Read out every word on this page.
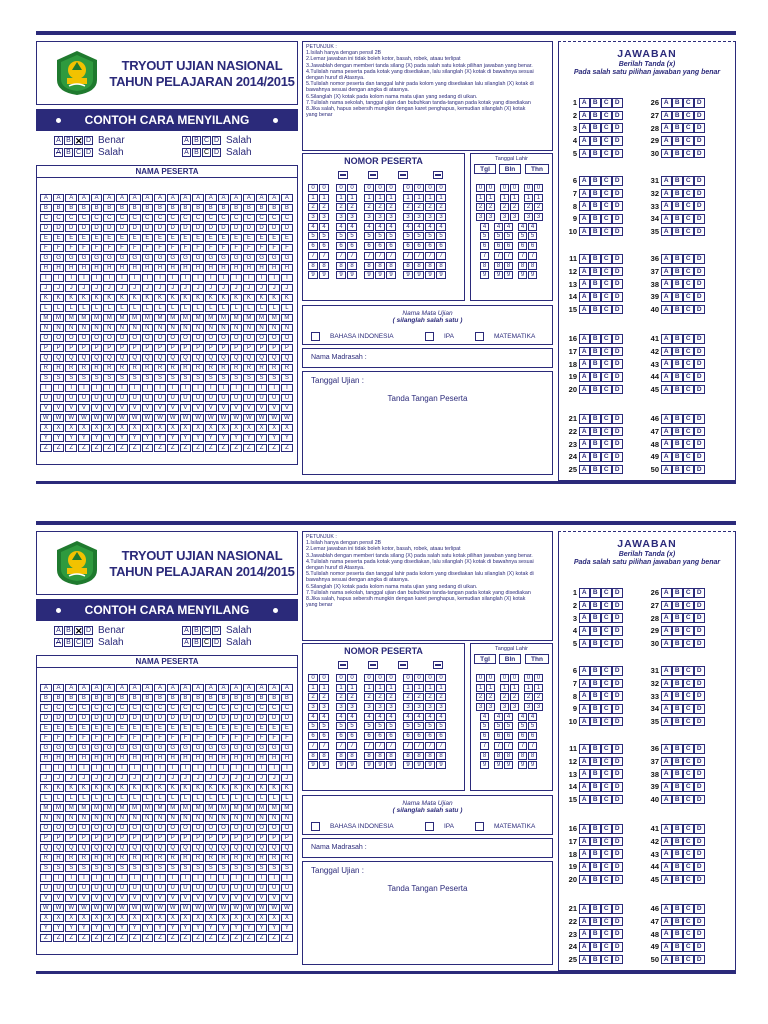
TRYOUT UJIAN NASIONAL
TAHUN PELAJARAN 2014/2015
CONTOH CARA MENYILANG
A B ✕ D Benar
A B C D Salah
A B C D Salah
A B C D Salah
NAMA PESERTA
A	A	A	A	A	A	A	A	A	A	A	A	A	A	A	A	A	A	A	A
B	B	B	B	B	B	B	B	B	B	B	B	B	B	B	B	B	B	B	B
C	C	C	C	C	C	C	C	C	C	C	C	C	C	C	C	C	C	C	C
D	D	D	D	D	D	D	D	D	D	D	D	D	D	D	D	D	D	D	D
E	E	E	E	E	E	E	E	E	E	E	E	E	E	E	E	E	E	E	E
F	F	F	F	F	F	F	F	F	F	F	F	F	F	F	F	F	F	F	F
G	G	G	G	G	G	G	G	G	G	G	G	G	G	G	G	G	G	G	G
H	H	H	H	H	H	H	H	H	H	H	H	H	H	H	H	H	H	H	H
I	I	I	I	I	I	I	I	I	I	I	I	I	I	I	I	I	I	I	I
J	J	J	J	J	J	J	J	J	J	J	J	J	J	J	J	J	J	J	J
K	K	K	K	K	K	K	K	K	K	K	K	K	K	K	K	K	K	K	K
L	L	L	L	L	L	L	L	L	L	L	L	L	L	L	L	L	L	L	L
M	M	M	M	M	M	M	M	M	M	M	M	M	M	M	M	M	M	M	M
N	N	N	N	N	N	N	N	N	N	N	N	N	N	N	N	N	N	N	N
O	O	O	O	O	O	O	O	O	O	O	O	O	O	O	O	O	O	O	O
P	P	P	P	P	P	P	P	P	P	P	P	P	P	P	P	P	P	P	P
Q	Q	Q	Q	Q	Q	Q	Q	Q	Q	Q	Q	Q	Q	Q	Q	Q	Q	Q	Q
R	R	R	R	R	R	R	R	R	R	R	R	R	R	R	R	R	R	R	R
S	S	S	S	S	S	S	S	S	S	S	S	S	S	S	S	S	S	S	S
T	T	T	T	T	T	T	T	T	T	T	T	T	T	T	T	T	T	T	T
U	U	U	U	U	U	U	U	U	U	U	U	U	U	U	U	U	U	U	U
V	V	V	V	V	V	V	V	V	V	V	V	V	V	V	V	V	V	V	V
W	W	W	W	W	W	W	W	W	W	W	W	W	W	W	W	W	W	W	W
X	X	X	X	X	X	X	X	X	X	X	X	X	X	X	X	X	X	X	X
Y	Y	Y	Y	Y	Y	Y	Y	Y	Y	Y	Y	Y	Y	Y	Y	Y	Y	Y	Y
Z	Z	Z	Z	Z	Z	Z	Z	Z	Z	Z	Z	Z	Z	Z	Z	Z	Z	Z	Z

PETUNJUK :

1.Isilah hanya dengan pensil 2B

2.Lemar jawaban ini tidak boleh kotor, basah, robek, ataau terlipat

3.Jawablah dengan memberi tanda silang (X) pada salah satu kotak pilihan jawaban yang benar.

4.Tulislah nama peserta pada kotak yang disediakan, lalu silanglah (X) kotak di bawahnya sesuai

dengan huruf di Atasnya.

5.Tulislah nomor peserta dan tanggal lahir pada kolom yang disediakan lalu silanglah (X) kotak di

bawahnya sesuai dengan angka di atasnya.

6.Silanglah (X) kotak pada kolom nama mata ujian yang sedang di uikan.

7.Tulislah nama sekolah, tanggal ujian dan bubuhkan tanda-tangan pada kotak yang disediakan

8.Jika salah, hapus sebersih mungkin dengan karet penghapus, kemudian silanglah (X) kotak

yang benar

NOMOR PESERTA
0	0	0	0	0	0	0	0	0	0	0
1	1	1	1	1	1	1	1	1	1	1
2	2	2	2	2	2	2	2	2	2	2
3	3	3	3	3	3	3	3	3	3	3
4	4	4	4	4	4	4	4	4	4	4
5	5	5	5	5	5	5	5	5	5	5
6	6	6	6	6	6	6	6	6	6	6
7	7	7	7	7	7	7	7	7	7	7
8	8	8	8	8	8	8	8	8	8	8
9	9	9	9	9	9	9	9	9	9	9
Tanggal Lahir
Tgl	Bln	Thn
0	0	0	0	0	0
1	1	1	1	1	1
2	2	2	2	2	2
3	3	3	3	3	3
4	4	4	4	4
5	5	5	5	5
6	6	6	6	6
7	7	7	7	7
8	8	8	8	8
9	9	9	9	9
Nama Mata Ujian
( silanglah salah satu )
BAHASA INDONESIA	IPA	MATEMATIKA
Nama Madrasah :
Tanggal Ujian :
Tanda Tangan Peserta
JAWABAN
Berilah Tanda (x)
Pada salah satu pilihan jawaban yang benar
1 A B C D	26 A B C D
2 A B C D	27 A B C D
3 A B C D	28 A B C D
4 A B C D	29 A B C D
5 A B C D	30 A B C D
6 A B C D	31 A B C D
7 A B C D	32 A B C D
8 A B C D	33 A B C D
9 A B C D	34 A B C D
10 A B C D	35 A B C D
11 A B C D	36 A B C D
12 A B C D	37 A B C D
13 A B C D	38 A B C D
14 A B C D	39 A B C D
15 A B C D	40 A B C D
16 A B C D	41 A B C D
17 A B C D	42 A B C D
18 A B C D	43 A B C D
19 A B C D	44 A B C D
20 A B C D	45 A B C D
21 A B C D	46 A B C D
22 A B C D	47 A B C D
23 A B C D	48 A B C D
24 A B C D	49 A B C D
25 A B C D	50 A B C D
TRYOUT UJIAN NASIONAL
TAHUN PELAJARAN 2014/2015
CONTOH CARA MENYILANG
A B ✕ D Benar
A B C D Salah
A B C D Salah
A B C D Salah
NAMA PESERTA
A	A	A	A	A	A	A	A	A	A	A	A	A	A	A	A	A	A	A	A
B	B	B	B	B	B	B	B	B	B	B	B	B	B	B	B	B	B	B	B
C	C	C	C	C	C	C	C	C	C	C	C	C	C	C	C	C	C	C	C
D	D	D	D	D	D	D	D	D	D	D	D	D	D	D	D	D	D	D	D
E	E	E	E	E	E	E	E	E	E	E	E	E	E	E	E	E	E	E	E
F	F	F	F	F	F	F	F	F	F	F	F	F	F	F	F	F	F	F	F
G	G	G	G	G	G	G	G	G	G	G	G	G	G	G	G	G	G	G	G
H	H	H	H	H	H	H	H	H	H	H	H	H	H	H	H	H	H	H	H
I	I	I	I	I	I	I	I	I	I	I	I	I	I	I	I	I	I	I	I
J	J	J	J	J	J	J	J	J	J	J	J	J	J	J	J	J	J	J	J
K	K	K	K	K	K	K	K	K	K	K	K	K	K	K	K	K	K	K	K
L	L	L	L	L	L	L	L	L	L	L	L	L	L	L	L	L	L	L	L
M	M	M	M	M	M	M	M	M	M	M	M	M	M	M	M	M	M	M	M
N	N	N	N	N	N	N	N	N	N	N	N	N	N	N	N	N	N	N	N
O	O	O	O	O	O	O	O	O	O	O	O	O	O	O	O	O	O	O	O
P	P	P	P	P	P	P	P	P	P	P	P	P	P	P	P	P	P	P	P
Q	Q	Q	Q	Q	Q	Q	Q	Q	Q	Q	Q	Q	Q	Q	Q	Q	Q	Q	Q
R	R	R	R	R	R	R	R	R	R	R	R	R	R	R	R	R	R	R	R
S	S	S	S	S	S	S	S	S	S	S	S	S	S	S	S	S	S	S	S
T	T	T	T	T	T	T	T	T	T	T	T	T	T	T	T	T	T	T	T
U	U	U	U	U	U	U	U	U	U	U	U	U	U	U	U	U	U	U	U
V	V	V	V	V	V	V	V	V	V	V	V	V	V	V	V	V	V	V	V
W	W	W	W	W	W	W	W	W	W	W	W	W	W	W	W	W	W	W	W
X	X	X	X	X	X	X	X	X	X	X	X	X	X	X	X	X	X	X	X
Y	Y	Y	Y	Y	Y	Y	Y	Y	Y	Y	Y	Y	Y	Y	Y	Y	Y	Y	Y
Z	Z	Z	Z	Z	Z	Z	Z	Z	Z	Z	Z	Z	Z	Z	Z	Z	Z	Z	Z

PETUNJUK :

1.Isilah hanya dengan pensil 2B

2.Lemar jawaban ini tidak boleh kotor, basah, robek, ataau terlipat

3.Jawablah dengan memberi tanda silang (X) pada salah satu kotak pilihan jawaban yang benar.

4.Tulislah nama peserta pada kotak yang disediakan, lalu silanglah (X) kotak di bawahnya sesuai

dengan huruf di Atasnya.

5.Tulislah nomor peserta dan tanggal lahir pada kolom yang disediakan lalu silanglah (X) kotak di

bawahnya sesuai dengan angka di atasnya.

6.Silanglah (X) kotak pada kolom nama mata ujian yang sedang di uikan.

7.Tulislah nama sekolah, tanggal ujian dan bubuhkan tanda-tangan pada kotak yang disediakan

8.Jika salah, hapus sebersih mungkin dengan karet penghapus, kemudian silanglah (X) kotak

yang benar

NOMOR PESERTA
0	0	0	0	0	0	0	0	0	0	0
1	1	1	1	1	1	1	1	1	1	1
2	2	2	2	2	2	2	2	2	2	2
3	3	3	3	3	3	3	3	3	3	3
4	4	4	4	4	4	4	4	4	4	4
5	5	5	5	5	5	5	5	5	5	5
6	6	6	6	6	6	6	6	6	6	6
7	7	7	7	7	7	7	7	7	7	7
8	8	8	8	8	8	8	8	8	8	8
9	9	9	9	9	9	9	9	9	9	9
Tanggal Lahir
Tgl	Bln	Thn
0	0	0	0	0	0
1	1	1	1	1	1
2	2	2	2	2	2
3	3	3	3	3	3
4	4	4	4	4
5	5	5	5	5
6	6	6	6	6
7	7	7	7	7
8	8	8	8	8
9	9	9	9	9
Nama Mata Ujian
( silanglah salah satu )
BAHASA INDONESIA	IPA	MATEMATIKA
Nama Madrasah :
Tanggal Ujian :
Tanda Tangan Peserta
JAWABAN
Berilah Tanda (x)
Pada salah satu pilihan jawaban yang benar
1 A B C D	26 A B C D
2 A B C D	27 A B C D
3 A B C D	28 A B C D
4 A B C D	29 A B C D
5 A B C D	30 A B C D
6 A B C D	31 A B C D
7 A B C D	32 A B C D
8 A B C D	33 A B C D
9 A B C D	34 A B C D
10 A B C D	35 A B C D
11 A B C D	36 A B C D
12 A B C D	37 A B C D
13 A B C D	38 A B C D
14 A B C D	39 A B C D
15 A B C D	40 A B C D
16 A B C D	41 A B C D
17 A B C D	42 A B C D
18 A B C D	43 A B C D
19 A B C D	44 A B C D
20 A B C D	45 A B C D
21 A B C D	46 A B C D
22 A B C D	47 A B C D
23 A B C D	48 A B C D
24 A B C D	49 A B C D
25 A B C D	50 A B C D
